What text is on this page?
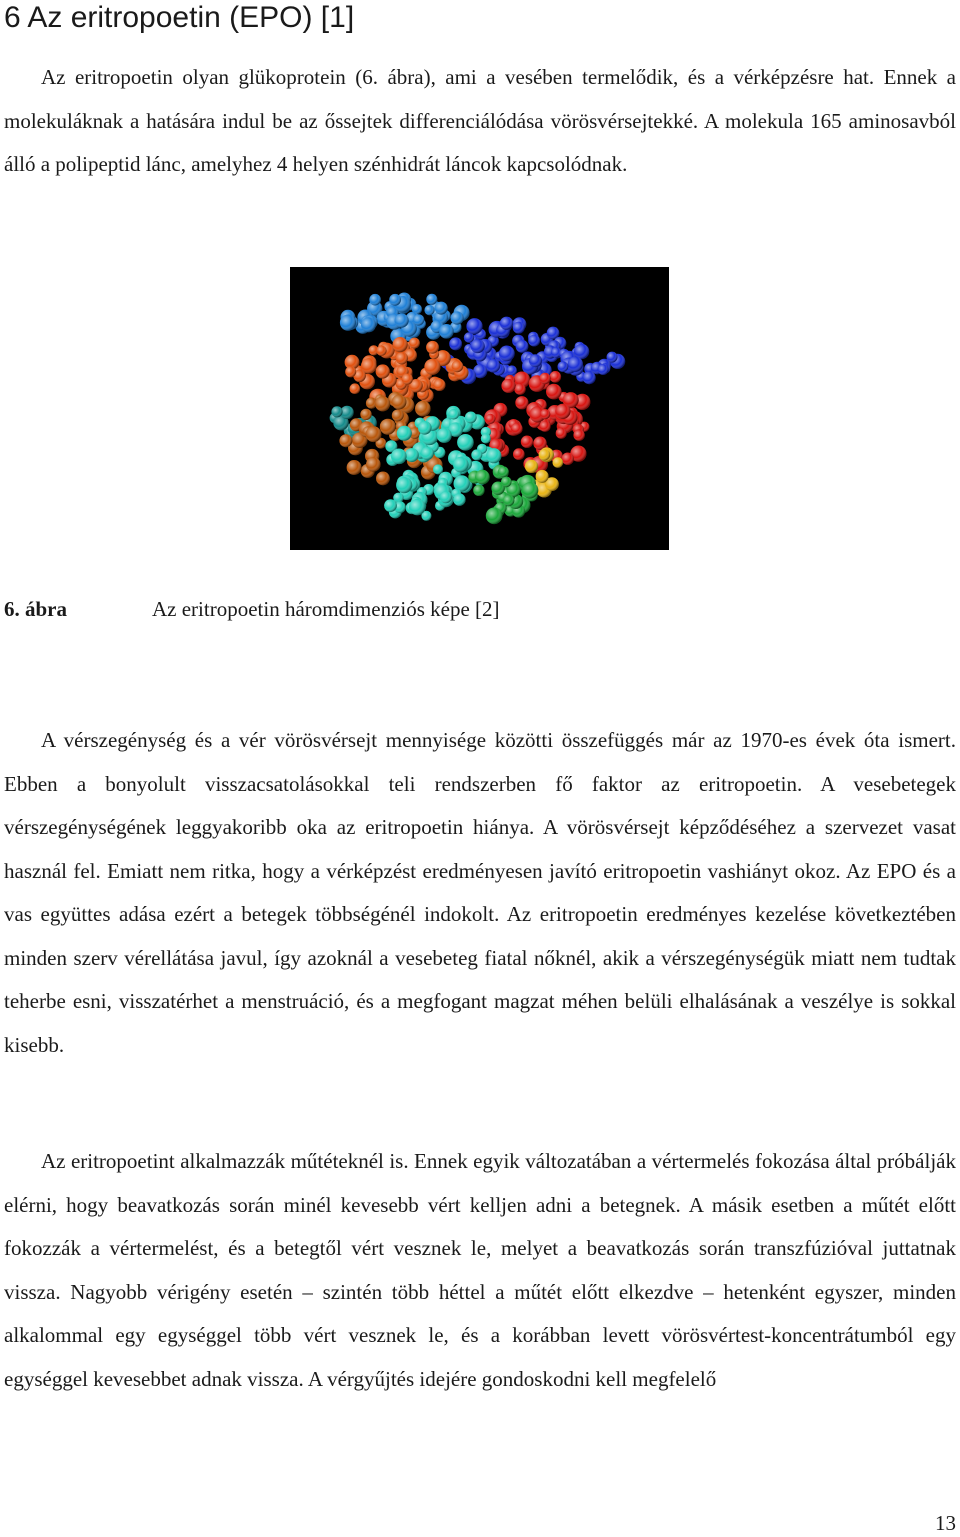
6 Az eritropoetin (EPO) [1]

Az eritropoetin olyan glükoprotein (6. ábra), ami a vesében termelődik, és a vérképzésre hat. Ennek a molekuláknak a hatására indul be az őssejtek differenciálódása vörösvérsejtekké. A molekula 165 aminosavból álló a polipeptid lánc, amelyhez 4 helyen szénhidrát láncok kapcsolódnak.

6. ábra	Az eritropoetin háromdimenziós képe [2]

A vérszegénység és a vér vörösvérsejt mennyisége közötti összefüggés már az 1970-es évek óta ismert. Ebben a bonyolult visszacsatolásokkal teli rendszerben fő faktor az eritropoetin. A vesebetegek vérszegénységének leggyakoribb oka az eritropoetin hiánya. A vörösvérsejt képződéséhez a szervezet vasat használ fel. Emiatt nem ritka, hogy a vérképzést eredményesen javító eritropoetin vashiányt okoz. Az EPO és a vas együttes adása ezért a betegek többségénél indokolt. Az eritropoetin eredményes kezelése következtében minden szerv vérellátása javul, így azoknál a vesebeteg fiatal nőknél, akik a vérszegénységük miatt nem tudtak teherbe esni, visszatérhet a menstruáció, és a megfogant magzat méhen belüli elhalásának a veszélye is sokkal kisebb.

Az eritropoetint alkalmazzák műtéteknél is. Ennek egyik változatában a vértermelés fokozása által próbálják elérni, hogy beavatkozás során minél kevesebb vért kelljen adni a betegnek. A másik esetben a műtét előtt fokozzák a vértermelést, és a betegtől vért vesznek le, melyet a beavatkozás során transzfúzióval juttatnak vissza. Nagyobb vérigény esetén – szintén több héttel a műtét előtt elkezdve – hetenként egyszer, minden alkalommal egy egységgel több vért vesznek le, és a korábban levett vörösvértest-koncentrátumból egy egységgel kevesebbet adnak vissza. A vérgyűjtés idejére gondoskodni kell megfelelő

13
